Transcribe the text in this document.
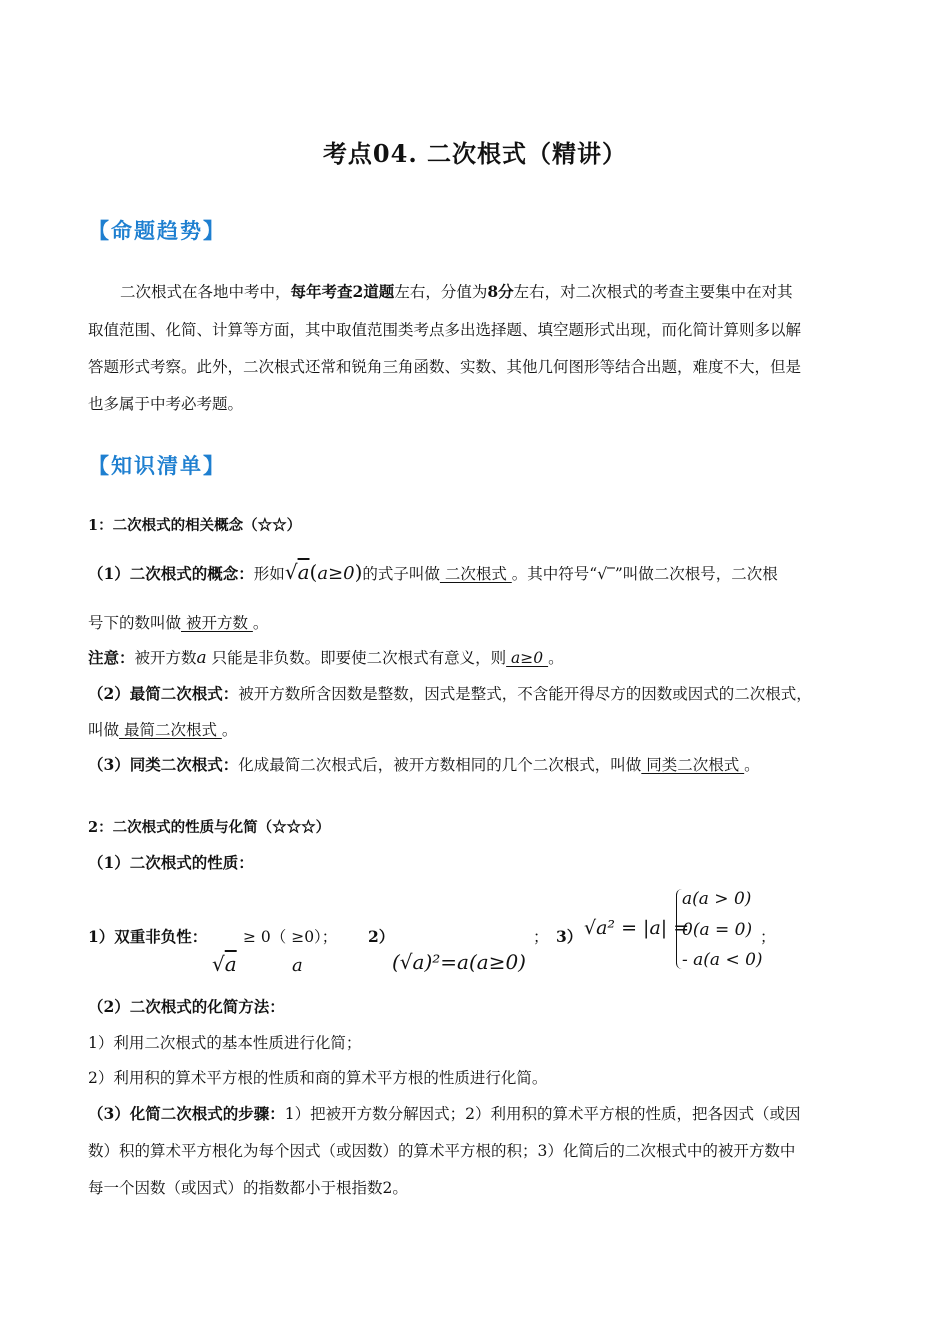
考点04. 二次根式（精讲）
【命题趋势】
二次根式在各地中考中，每年考查2道题左右，分值为8分左右，对二次根式的考查主要集中在对其
取值范围、化简、计算等方面，其中取值范围类考点多出选择题、填空题形式出现，而化简计算则多以解
答题形式考察。此外，二次根式还常和锐角三角函数、实数、其他几何图形等结合出题，难度不大，但是
也多属于中考必考题。
【知识清单】
1：二次根式的相关概念（☆☆）
（1）二次根式的概念：形如√a(a≥0)的式子叫做 二次根式 。其中符号“√‾”叫做二次根号，二次根
号下的数叫做 被开方数 。
注意：被开方数a 只能是非负数。即要使二次根式有意义，则 a≥0 。
（2）最简二次根式：被开方数所含因数是整数，因式是整式，不含能开得尽方的因数或因式的二次根式，
叫做 最简二次根式 。
（3）同类二次根式：化成最简二次根式后，被开方数相同的几个二次根式，叫做 同类二次根式 。
2：二次根式的性质与化简（☆☆☆）
（1）二次根式的性质：
1）双重非负性： ≥ 0（ ≥0）；
√a	a
2）
(√a)²=a(a≥0)
； 3） √a² = |a| =
a(a > 0)
0(a = 0)
- a(a < 0)
；
（2）二次根式的化简方法：
1）利用二次根式的基本性质进行化简；
2）利用积的算术平方根的性质和商的算术平方根的性质进行化简。
（3）化简二次根式的步骤：1）把被开方数分解因式；2）利用积的算术平方根的性质，把各因式（或因
数）积的算术平方根化为每个因式（或因数）的算术平方根的积；3）化简后的二次根式中的被开方数中
每一个因数（或因式）的指数都小于根指数2。
